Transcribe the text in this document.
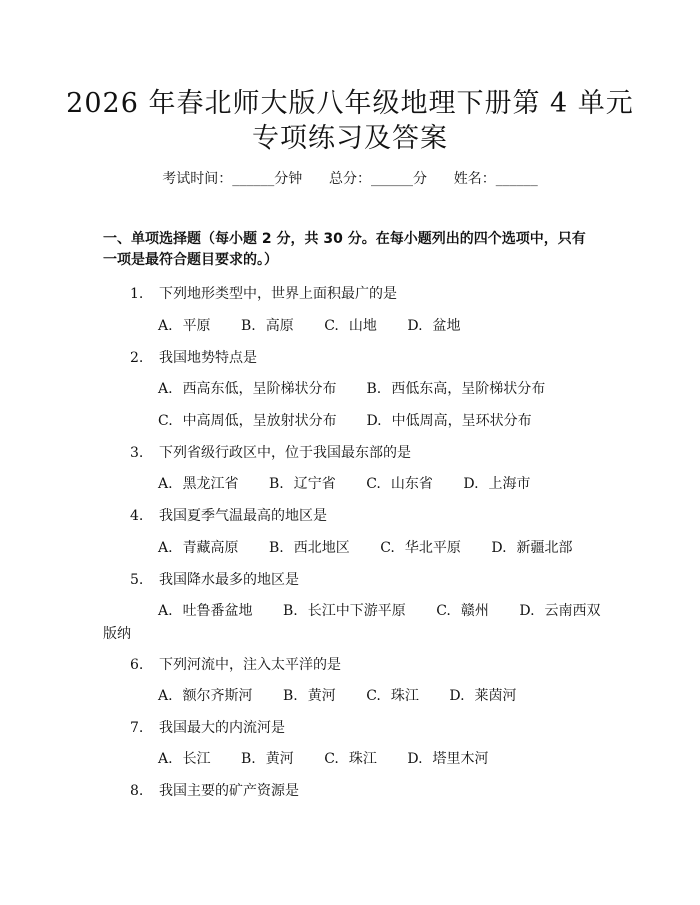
2026 年春北师大版八年级地理下册第 4 单元
专项练习及答案
考试时间：______分钟      总分：______分      姓名：______
一、单项选择题（每小题 2 分，共 30 分。在每小题列出的四个选项中，只有一项是最符合题目要求的。）
1. 下列地形类型中，世界上面积最广的是
A. 平原 B. 高原 C. 山地 D. 盆地
2. 我国地势特点是
A. 西高东低，呈阶梯状分布 B. 西低东高，呈阶梯状分布
C. 中高周低，呈放射状分布 D. 中低周高，呈环状分布
3. 下列省级行政区中，位于我国最东部的是
A. 黑龙江省 B. 辽宁省 C. 山东省 D. 上海市
4. 我国夏季气温最高的地区是
A. 青藏高原 B. 西北地区 C. 华北平原 D. 新疆北部
5. 我国降水最多的地区是
A. 吐鲁番盆地 B. 长江中下游平原 C. 赣州 D. 云南西双
版纳
6. 下列河流中，注入太平洋的是
A. 额尔齐斯河 B. 黄河 C. 珠江 D. 莱茵河
7. 我国最大的内流河是
A. 长江 B. 黄河 C. 珠江 D. 塔里木河
8. 我国主要的矿产资源是
